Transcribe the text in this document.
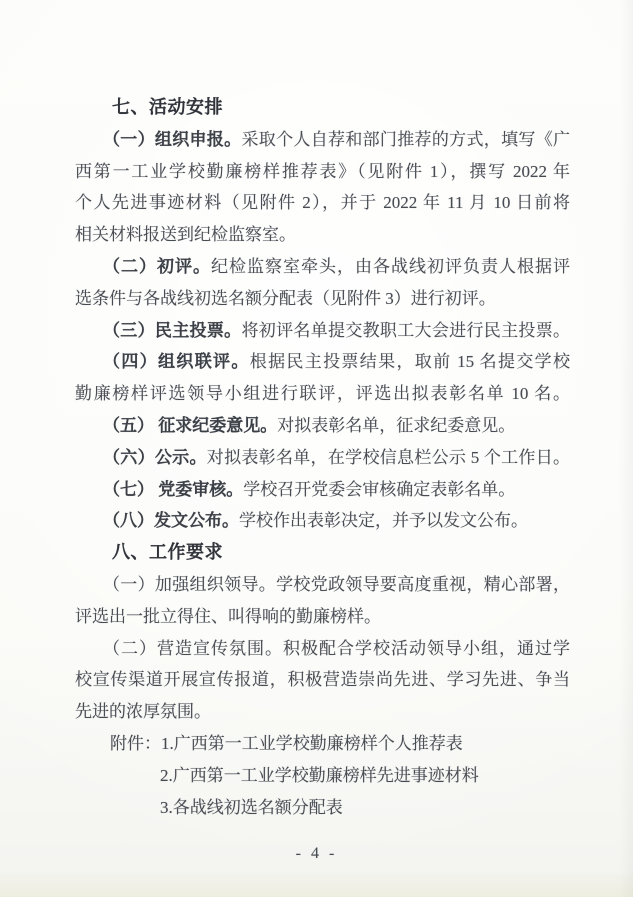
七、活动安排
（一）组织申报。采取个人自荐和部门推荐的方式，填写《广
西第一工业学校勤廉榜样推荐表》（见附件 1），撰写 2022 年
个人先进事迹材料（见附件 2），并于 2022 年 11 月 10 日前将
相关材料报送到纪检监察室。
（二）初评。纪检监察室牵头，由各战线初评负责人根据评
选条件与各战线初选名额分配表（见附件 3）进行初评。
（三）民主投票。将初评名单提交教职工大会进行民主投票。
（四）组织联评。根据民主投票结果，取前 15 名提交学校
勤廉榜样评选领导小组进行联评，评选出拟表彰名单 10 名。
（五） 征求纪委意见。对拟表彰名单，征求纪委意见。
（六）公示。对拟表彰名单，在学校信息栏公示 5 个工作日。
（七） 党委审核。学校召开党委会审核确定表彰名单。
（八）发文公布。学校作出表彰决定，并予以发文公布。
八、工作要求
（一）加强组织领导。学校党政领导要高度重视，精心部署，
评选出一批立得住、叫得响的勤廉榜样。
（二）营造宣传氛围。积极配合学校活动领导小组，通过学
校宣传渠道开展宣传报道，积极营造崇尚先进、学习先进、争当
先进的浓厚氛围。
附件：1.广西第一工业学校勤廉榜样个人推荐表
2.广西第一工业学校勤廉榜样先进事迹材料
3.各战线初选名额分配表
- 4 -
